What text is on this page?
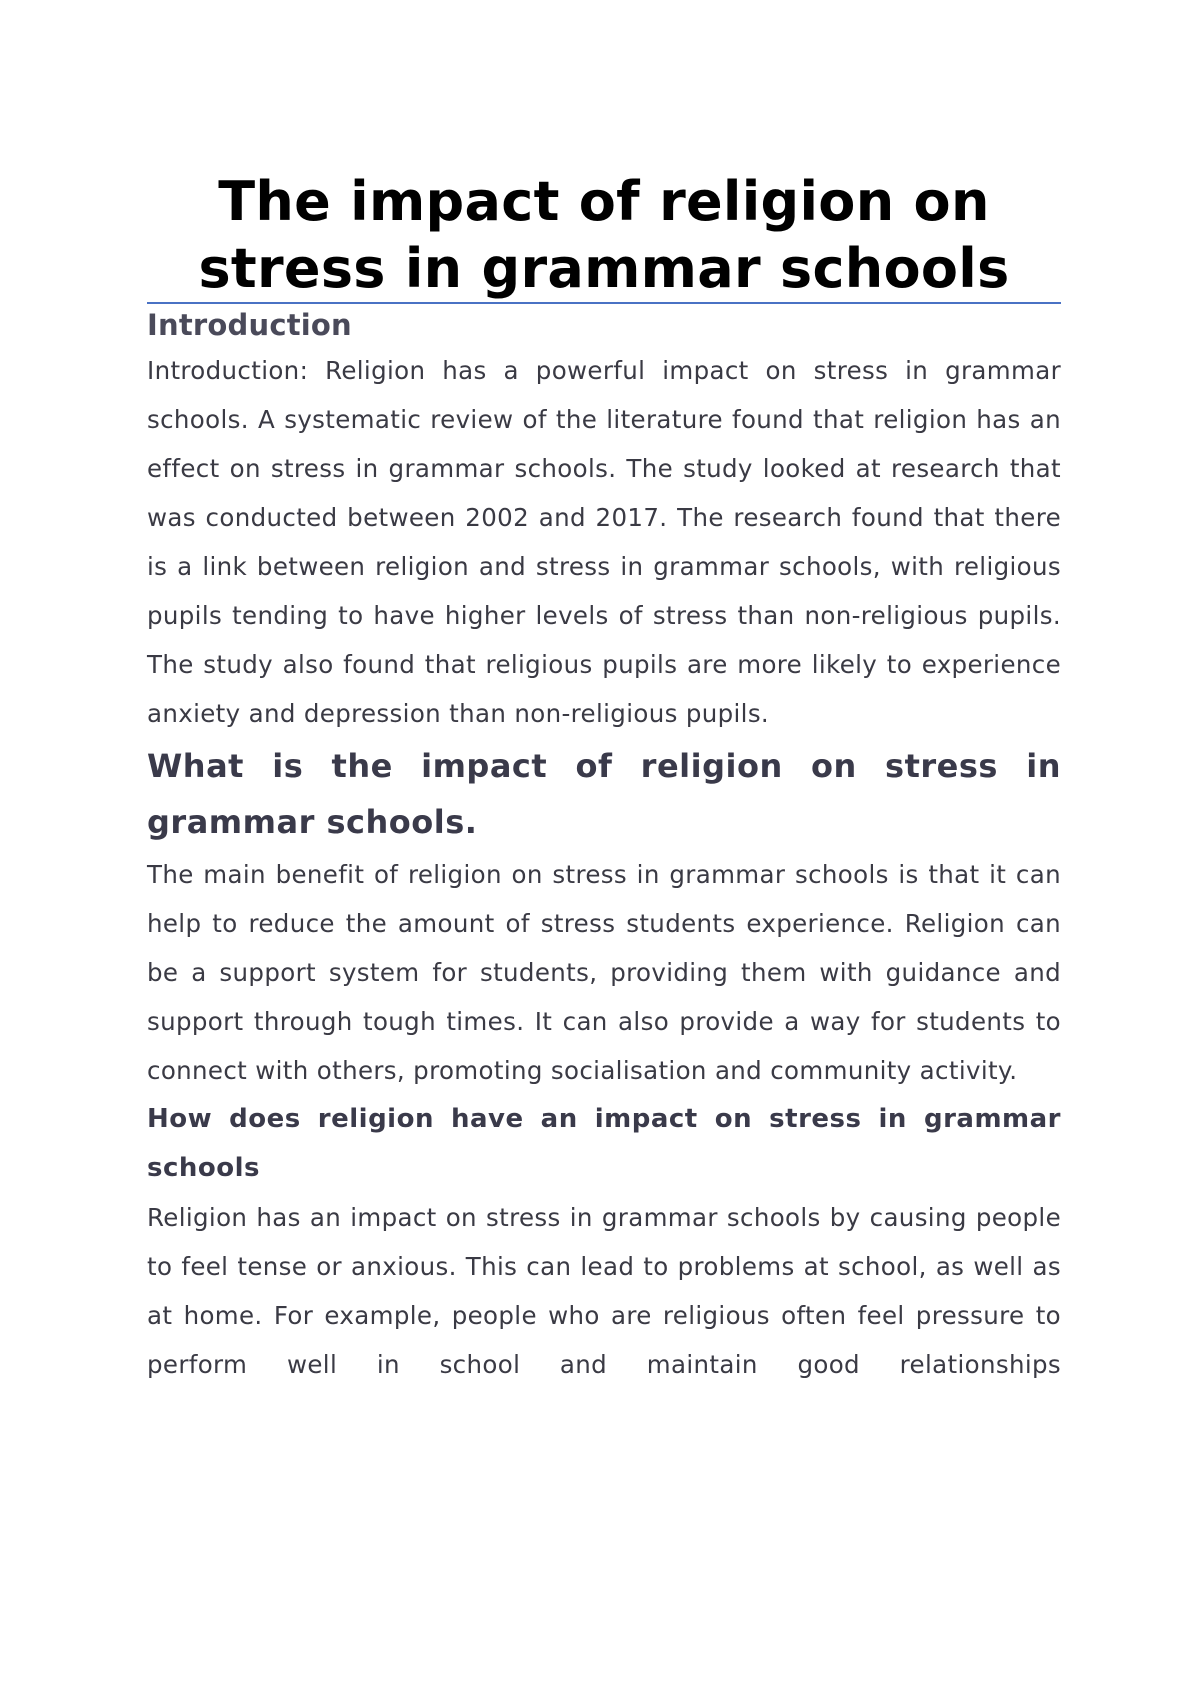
The impact of religion on stress in grammar schools
Introduction

Introduction: Religion has a powerful impact on stress in grammar schools. A systematic review of the literature found that religion has an effect on stress in grammar schools. The study looked at research that was conducted between 2002 and 2017. The research found that there is a link between religion and stress in grammar schools, with religious pupils tending to have higher levels of stress than non-religious pupils. The study also found that religious pupils are more likely to experience anxiety and depression than non-religious pupils.

What is the impact of religion on stress in grammar schools.

The main benefit of religion on stress in grammar schools is that it can help to reduce the amount of stress students experience. Religion can be a support system for students, providing them with guidance and support through tough times. It can also provide a way for students to connect with others, promoting socialisation and community activity.

How does religion have an impact on stress in grammar schools

Religion has an impact on stress in grammar schools by causing people to feel tense or anxious. This can lead to problems at school, as well as at home. For example, people who are religious often feel pressure to perform well in school and maintain good relationships
